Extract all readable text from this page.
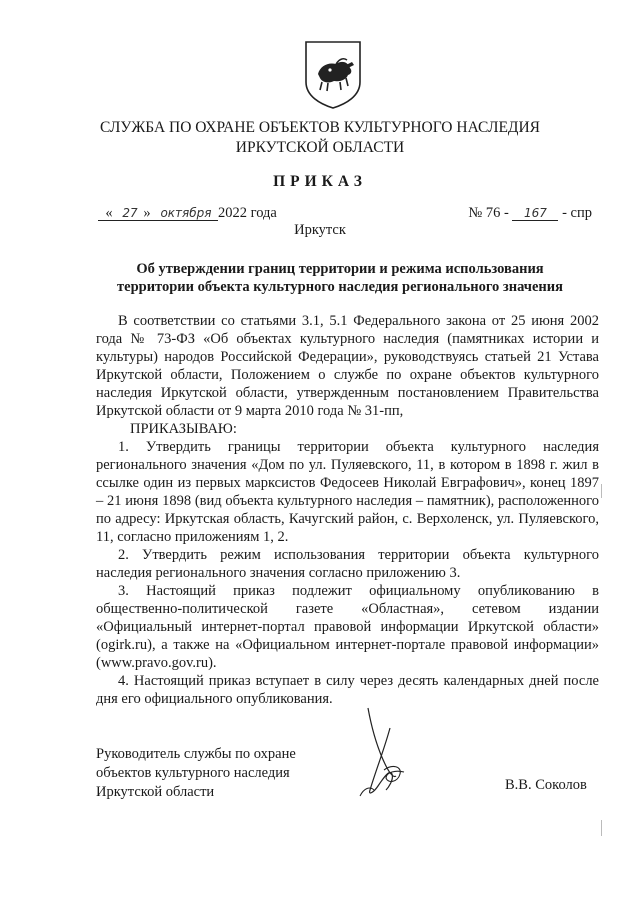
СЛУЖБА ПО ОХРАНЕ ОБЪЕКТОВ КУЛЬТУРНОГО НАСЛЕДИЯ
ИРКУТСКОЙ ОБЛАСТИ
ПРИКАЗ
« 27 » октября 2022 года	№ 76 - 167 - спр
Иркутск
Об утверждении границ территории и режима использования
территории объекта культурного наследия регионального значения

В соответствии со статьями 3.1, 5.1 Федерального закона от 25 июня 2002 года № 73-ФЗ «Об объектах культурного наследия (памятниках истории и культуры) народов Российской Федерации», руководствуясь статьей 21 Устава Иркутской области, Положением о службе по охране объектов культурного наследия Иркутской области, утвержденным постановлением Правительства Иркутской области от 9 марта 2010 года № 31-пп,

ПРИКАЗЫВАЮ:

1. Утвердить границы территории объекта культурного наследия регионального значения «Дом по ул. Пуляевского, 11, в котором в 1898 г. жил в ссылке один из первых марксистов Федосеев Николай Евграфович», конец 1897 – 21 июня 1898 (вид объекта культурного наследия – памятник), расположенного по адресу: Иркутская область, Качугский район, с. Верхоленск, ул. Пуляевского, 11, согласно приложениям 1, 2.

2. Утвердить режим использования территории объекта культурного наследия регионального значения согласно приложению 3.

3. Настоящий приказ подлежит официальному опубликованию в общественно-политической газете «Областная», сетевом издании «Официальный интернет-портал правовой информации Иркутской области» (ogirk.ru), а также на «Официальном интернет-портале правовой информации» (www.pravo.gov.ru).

4. Настоящий приказ вступает в силу через десять календарных дней после дня его официального опубликования.

Руководитель службы по охране
объектов культурного наследия
Иркутской области	В.В. Соколов
